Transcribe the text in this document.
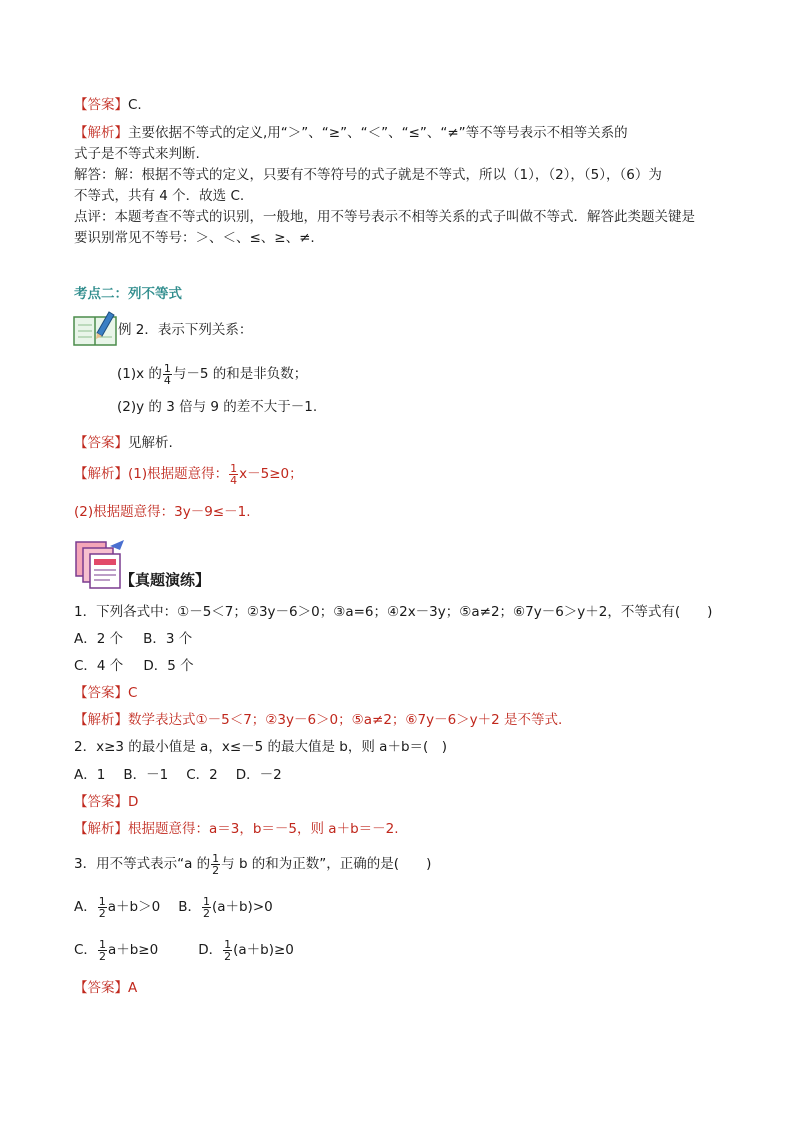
【答案】C.
【解析】主要依据不等式的定义,用“＞”、“≥”、“＜”、“≤”、“≠”等不等号表示不相等关系的
式子是不等式来判断.
解答：解：根据不等式的定义，只要有不等符号的式子就是不等式，所以（1），（2），（5），（6）为
不等式，共有 4 个．故选 C.
点评：本题考查不等式的识别，一般地，用不等号表示不相等关系的式子叫做不等式．解答此类题关键是
要识别常见不等号：＞、＜、≤、≥、≠.
考点二：列不等式
例 2．表示下列关系：
(1)x 的 $\frac{1}{4}$ 与－5 的和是非负数；
(2)y 的 3 倍与 9 的差不大于－1.
【答案】见解析.
【解析】(1)根据题意得： $\frac{1}{4} x-5\ge 0$；
(2)根据题意得：3y－9≤－1.
【真题演练】
1．下列各式中：①－5＜7；②3y－6＞0；③a=6；④2x－3y；⑤a≠2；⑥7y－6＞y＋2，不等式有(　　)
A．2 个 B．3 个
C．4 个 D．5 个
【答案】C
【解析】数学表达式①－5＜7；②3y－6＞0；⑤a≠2；⑥7y－6＞y＋2 是不等式.
2．x≥3 的最小值是 a，x≤－5 的最大值是 b，则 a＋b＝(　)
A．1 B．－1 C．2 D．－2
【答案】D
【解析】根据题意得：a＝3，b＝－5，则 a＋b＝－2.
3．用不等式表示“a 的 $\frac{1}{2}$ 与 b 的和为正数”，正确的是(　　)
A． $\frac{1}{2} a+b>0$ B． $\frac{1}{2} (a+b)>0$
C． $\frac{1}{2} a+b\ge 0$	D． $\frac{1}{2} (a+b)\ge 0$
【答案】A
